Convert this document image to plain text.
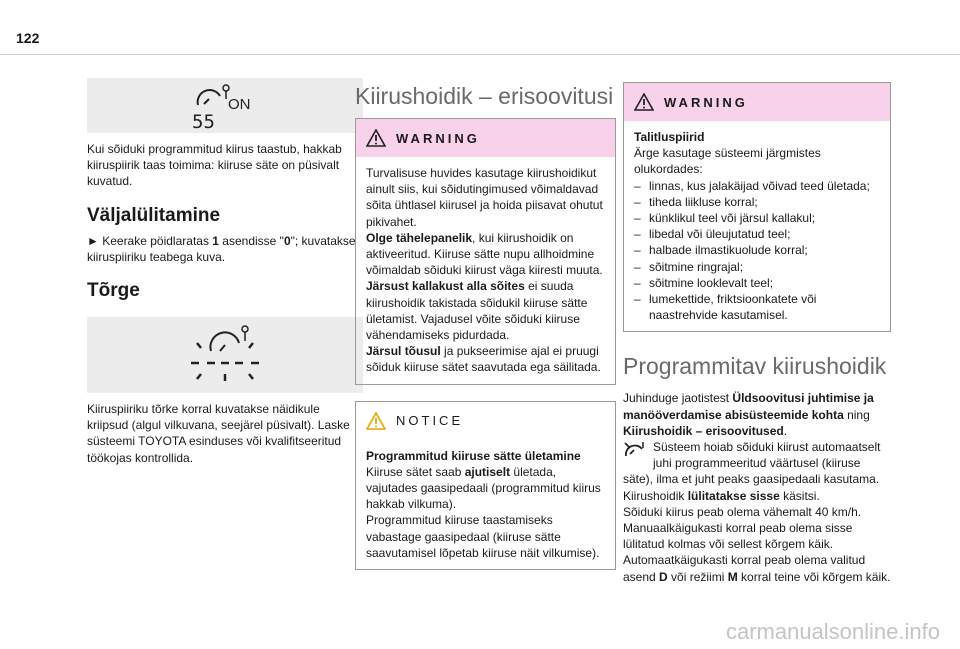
122
ON
55

Kui sõiduki programmitud kiirus taastub, hakkab kiiruspiirik taas toimima: kiiruse säte on püsivalt kuvatud.

Väljalülitamine

► Keerake pöidlaratas 1 asendisse "0"; kuvatakse kiiruspiiriku teabega kuva.

Tõrge

Kiiruspiiriku tõrke korral kuvatakse näidikule kriipsud (algul vilkuvana, seejärel püsivalt). Laske süsteemi TOYOTA esinduses või kvalifitseeritud töökojas kontrollida.

Kiirushoidik – erisoovitusi
WARNING

Turvalisuse huvides kasutage kiirushoidikut ainult siis, kui sõidutingimused võimaldavad sõita ühtlasel kiirusel ja hoida piisavat ohutut pikivahet.

Olge tähelepanelik, kui kiirushoidik on aktiveeritud. Kiiruse sätte nupu allhoidmine võimaldab sõiduki kiirust väga kiiresti muuta.

Järsust kallakust alla sõites ei suuda kiirushoidik takistada sõidukil kiiruse sätte ületamist. Vajadusel võite sõiduki kiiruse vähendamiseks pidurdada.

Järsul tõusul ja pukseerimise ajal ei pruugi sõiduk kiiruse sätet saavutada ega säilitada.

NOTICE

Programmitud kiiruse sätte ületamine

Kiiruse sätet saab ajutiselt ületada, vajutades gaasipedaali (programmitud kiirus hakkab vilkuma).

Programmitud kiiruse taastamiseks vabastage gaasipedaal (kiiruse sätte saavutamisel lõpetab kiiruse näit vilkumise).

WARNING

Talitluspiirid

Ärge kasutage süsteemi järgmistes olukordades:

– linnas, kus jalakäijad võivad teed ületada;
– tiheda liikluse korral;
– künklikul teel või järsul kallakul;
– libedal või üleujutatud teel;
– halbade ilmastikuolude korral;
– sõitmine ringrajal;
– sõitmine looklevalt teel;
– lumekettide, friktsioonkatete või naastrehvide kasutamisel.
Programmitav kiirushoidik

Juhinduge jaotistest Üldsoovitusi juhtimise ja manööverdamise abisüsteemide kohta ning Kiirushoidik – erisoovitused.

Süsteem hoiab sõiduki kiirust automaatselt juhi programmeeritud väärtusel (kiiruse säte), ilma et juht peaks gaasipedaali kasutama.

Kiirushoidik lülitatakse sisse käsitsi.

Sõiduki kiirus peab olema vähemalt 40 km/h.

Manuaalkäigukasti korral peab olema sisse lülitatud kolmas või sellest kõrgem käik.

Automaatkäigukasti korral peab olema valitud asend D või režiimi M korral teine või kõrgem käik.

carmanualsonline.info
